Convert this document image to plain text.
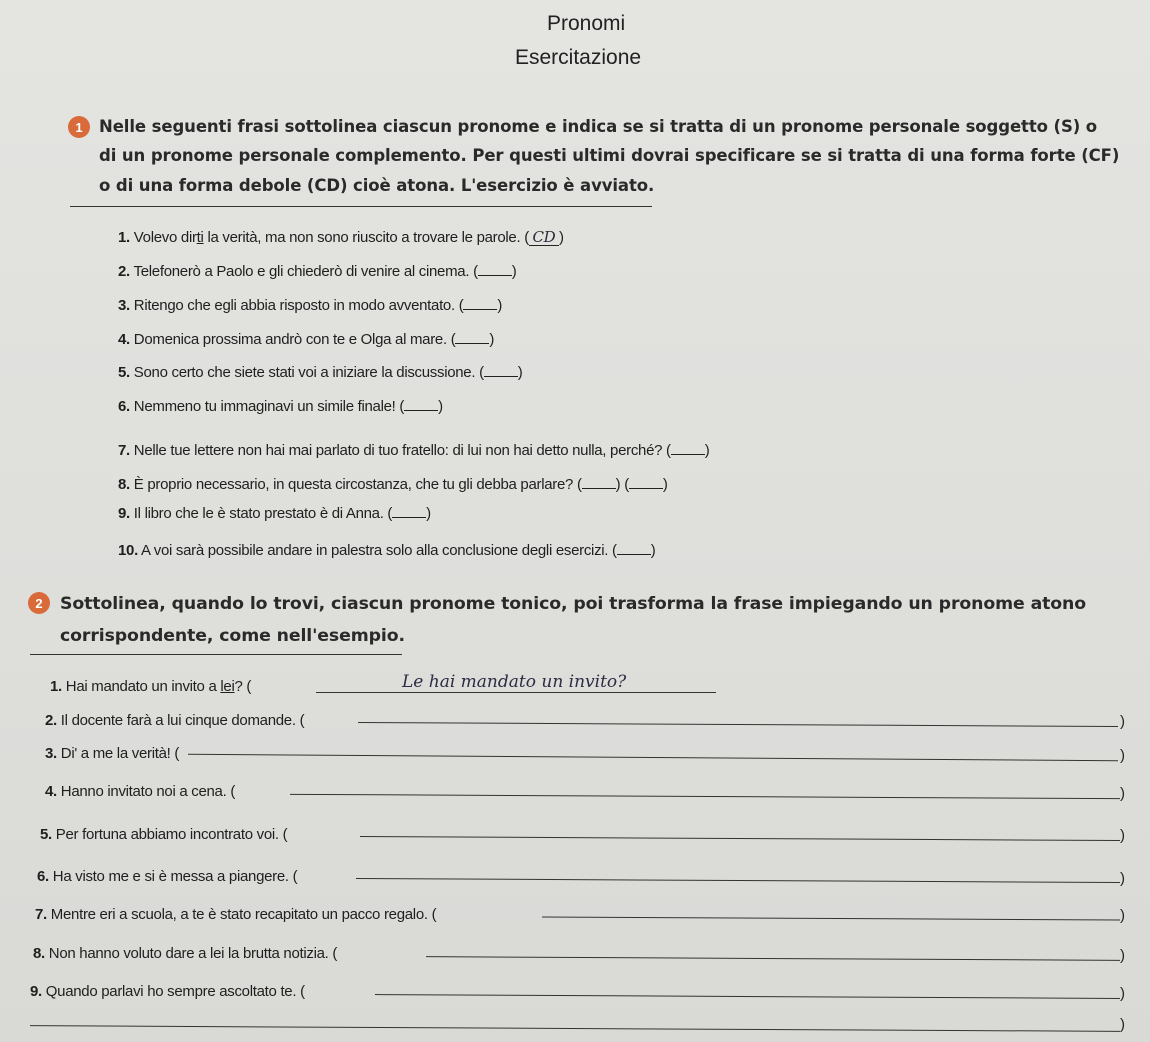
Pronomi
Esercitazione
1 Nelle seguenti frasi sottolinea ciascun pronome e indica se si tratta di un pronome personale soggetto (S) o
di un pronome personale complemento. Per questi ultimi dovrai specificare se si tratta di una forma forte (CF)
o di una forma debole (CD) cioè atona. L'esercizio è avviato.
1. Volevo dirti la verità, ma non sono riuscito a trovare le parole. ( CD )
2. Telefonerò a Paolo e gli chiederò di venire al cinema. ( )
3. Ritengo che egli abbia risposto in modo avventato. ( )
4. Domenica prossima andrò con te e Olga al mare. ( )
5. Sono certo che siete stati voi a iniziare la discussione. ( )
6. Nemmeno tu immaginavi un simile finale! ( )
7. Nelle tue lettere non hai mai parlato di tuo fratello: di lui non hai detto nulla, perché? ( )
8. È proprio necessario, in questa circostanza, che tu gli debba parlare? ( ) ( )
9. Il libro che le è stato prestato è di Anna. ( )
10. A voi sarà possibile andare in palestra solo alla conclusione degli esercizi. ( )
2	Sottolinea, quando lo trovi, ciascun pronome tonico, poi trasforma la frase impiegando un pronome atono
corrispondente, come nell'esempio.
1. Hai mandato un invito a lei? (	Le hai mandato un invito?
2. Il docente farà a lui cinque domande. (	)
3. Di' a me la verità! (	)
4. Hanno invitato noi a cena. (	)
5. Per fortuna abbiamo incontrato voi. (	)
6. Ha visto me e si è messa a piangere. (	)
7. Mentre eri a scuola, a te è stato recapitato un pacco regalo. (	)
8. Non hanno voluto dare a lei la brutta notizia. (	)
9. Quando parlavi ho sempre ascoltato te. (	)
)
